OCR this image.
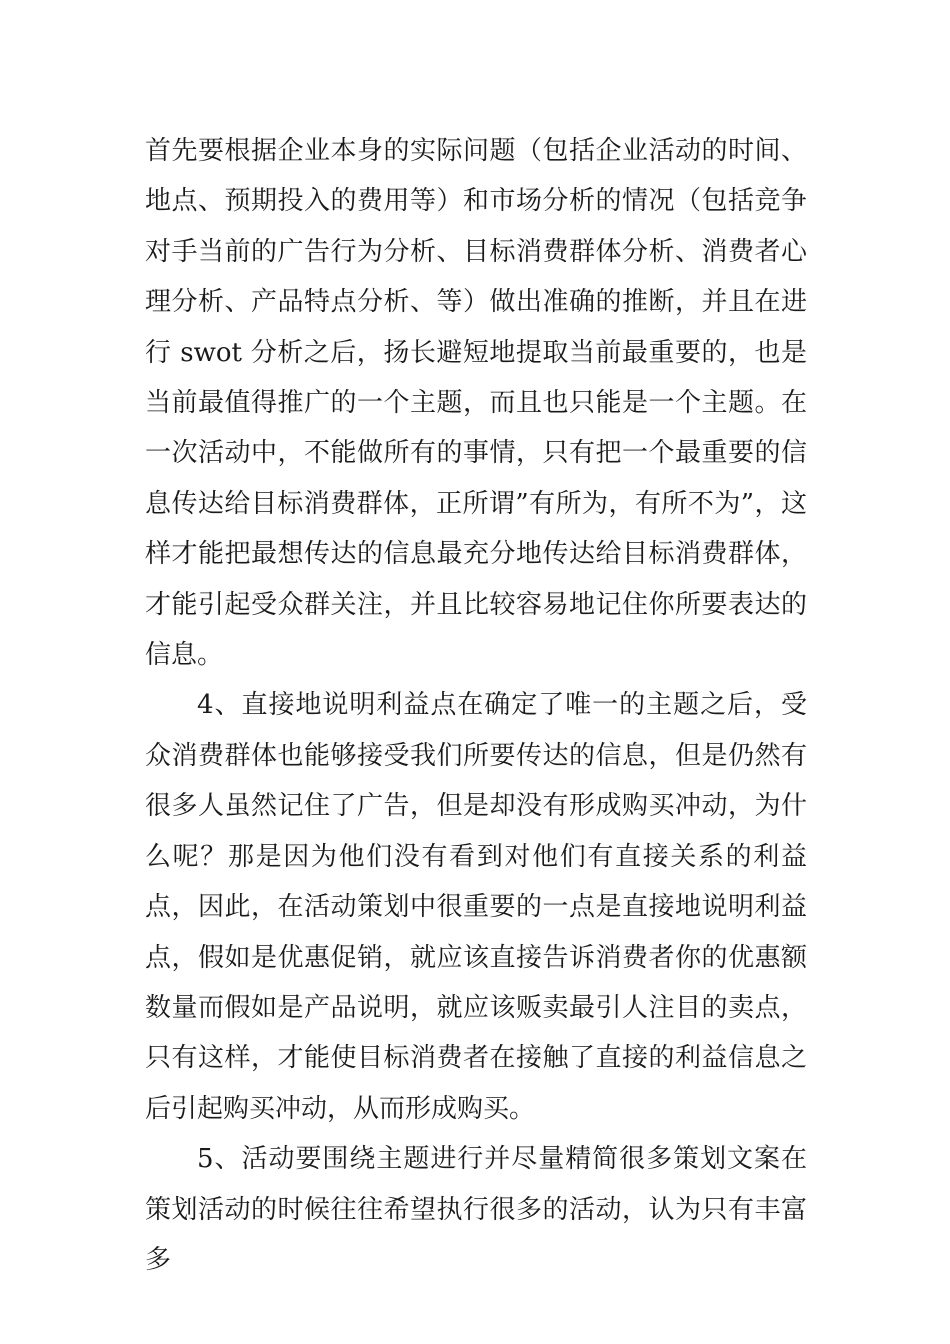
首先要根据企业本身的实际问题（包括企业活动的时间、地点、预期投入的费用等）和市场分析的情况（包括竞争对手当前的广告行为分析、目标消费群体分析、消费者心理分析、产品特点分析、等）做出准确的推断，并且在进行 swot 分析之后，扬长避短地提取当前最重要的，也是当前最值得推广的一个主题，而且也只能是一个主题。在一次活动中，不能做所有的事情，只有把一个最重要的信息传达给目标消费群体，正所谓”有所为，有所不为”，这样才能把最想传达的信息最充分地传达给目标消费群体，才能引起受众群关注，并且比较容易地记住你所要表达的信息。

4、直接地说明利益点在确定了唯一的主题之后，受众消费群体也能够接受我们所要传达的信息，但是仍然有很多人虽然记住了广告，但是却没有形成购买冲动，为什么呢？那是因为他们没有看到对他们有直接关系的利益点，因此，在活动策划中很重要的一点是直接地说明利益点，假如是优惠促销，就应该直接告诉消费者你的优惠额数量而假如是产品说明，就应该贩卖最引人注目的卖点，只有这样，才能使目标消费者在接触了直接的利益信息之后引起购买冲动，从而形成购买。

5、活动要围绕主题进行并尽量精简很多策划文案在策划活动的时候往往希望执行很多的活动，认为只有丰富多
